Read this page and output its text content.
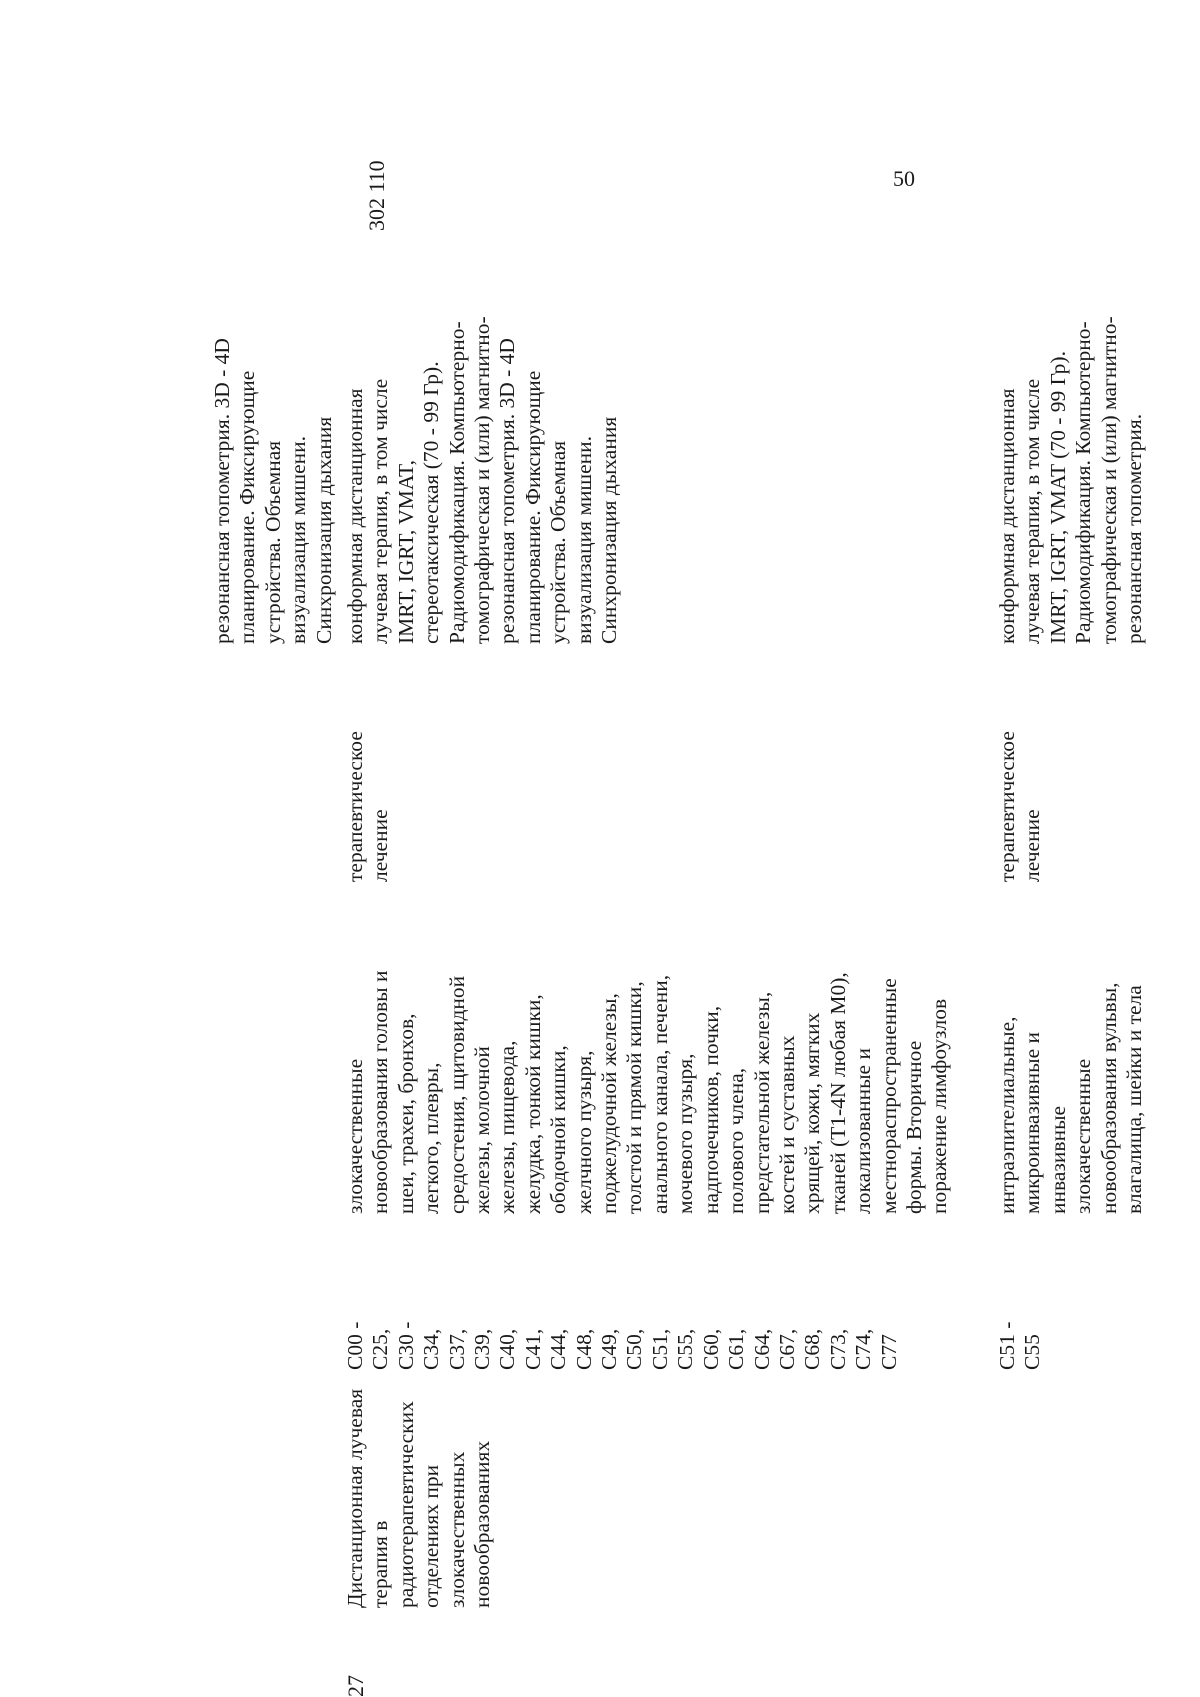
50
резонансная топометрия. 3D - 4D
планирование. Фиксирующие
устройства. Объемная
визуализация мишени.
Синхронизация дыхания
27
Дистанционная лучевая
терапия в
радиотерапевтических
отделениях при
злокачественных
новообразованиях
C00 -
C25,
C30 -
C34,
C37,
C39,
C40,
C41,
C44,
C48,
C49,
C50,
C51,
C55,
C60,
C61,
C64,
C67,
C68,
C73,
C74,
C77
злокачественные
новообразования головы и
шеи, трахеи, бронхов,
легкого, плевры,
средостения, щитовидной
железы, молочной
железы, пищевода,
желудка, тонкой кишки,
ободочной кишки,
желчного пузыря,
поджелудочной железы,
толстой и прямой кишки,
анального канала, печени,
мочевого пузыря,
надпочечников, почки,
полового члена,
предстательной железы,
костей и суставных
хрящей, кожи, мягких
тканей (T1-4N любая M0),
локализованные и
местнораспространенные
формы. Вторичное
поражение лимфоузлов
терапевтическое
лечение
конформная дистанционная
лучевая терапия, в том числе
IMRT, IGRT, VMAT,
стереотаксическая (70 - 99 Гр).
Радиомодификация. Компьютерно-
томографическая и (или) магнитно-
резонансная топометрия. 3D - 4D
планирование. Фиксирующие
устройства. Объемная
визуализация мишени.
Синхронизация дыхания
302 110
C51 -
C55
интраэпителиальные,
микроинвазивные и
инвазивные
злокачественные
новообразования вульвы,
влагалища, шейки и тела
терапевтическое
лечение
конформная дистанционная
лучевая терапия, в том числе
IMRT, IGRT, VMAT (70 - 99 Гр).
Радиомодификация. Компьютерно-
томографическая и (или) магнитно-
резонансная топометрия.
